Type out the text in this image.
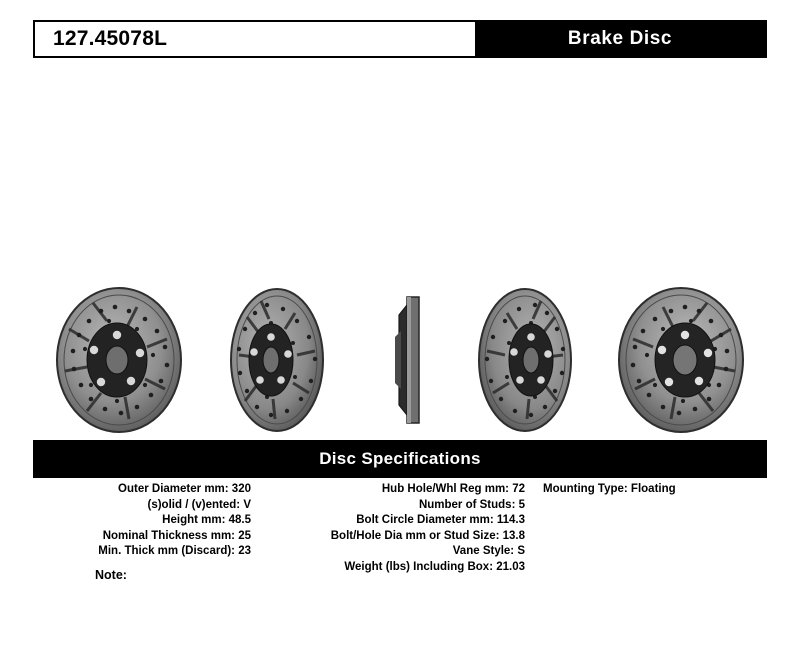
127.45078L	Brake Disc
Disc Specifications
Outer Diameter mm: 320
(s)olid / (v)ented: V
Height mm: 48.5
Nominal Thickness mm: 25
Min. Thick mm (Discard): 23
Hub Hole/Whl Reg mm: 72
Number of Studs: 5
Bolt Circle Diameter mm: 114.3
Bolt/Hole Dia mm or Stud Size: 13.8
Vane Style: S
Weight (lbs) Including Box: 21.03
Mounting Type: Floating
Note:
